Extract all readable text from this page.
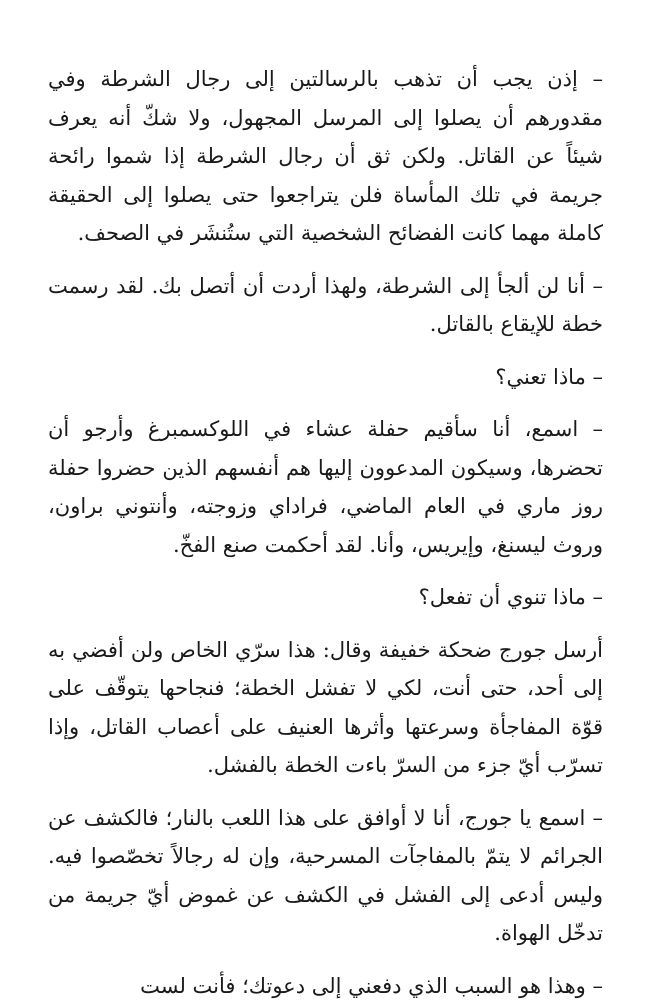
– إذن يجب أن تذهب بالرسالتين إلى رجال الشرطة وفي مقدورهم أن يصلوا إلى المرسل المجهول، ولا شكّ أنه يعرف شيئاً عن القاتل. ولكن ثق أن رجال الشرطة إذا شموا رائحة جريمة في تلك المأساة فلن يتراجعوا حتى يصلوا إلى الحقيقة كاملة مهما كانت الفضائح الشخصية التي ستُنشَر في الصحف.

– أنا لن ألجأ إلى الشرطة، ولهذا أردت أن أتصل بك. لقد رسمت خطة للإيقاع بالقاتل.

– ماذا تعني؟

– اسمع، أنا سأقيم حفلة عشاء في اللوكسمبرغ وأرجو أن تحضرها، وسيكون المدعوون إليها هم أنفسهم الذين حضروا حفلة روز ماري في العام الماضي، فراداي وزوجته، وأنتوني براون، وروث ليسنغ، وإيريس، وأنا. لقد أحكمت صنع الفخّ.

– ماذا تنوي أن تفعل؟

أرسل جورج ضحكة خفيفة وقال: هذا سرّي الخاص ولن أفضي به إلى أحد، حتى أنت، لكي لا تفشل الخطة؛ فنجاحها يتوقّف على قوّة المفاجأة وسرعتها وأثرها العنيف على أعصاب القاتل، وإذا تسرّب أيّ جزء من السرّ باءت الخطة بالفشل.

– اسمع يا جورج، أنا لا أوافق على هذا اللعب بالنار؛ فالكشف عن الجرائم لا يتمّ بالمفاجآت المسرحية، وإن له رجالاً تخصّصوا فيه. وليس أدعى إلى الفشل في الكشف عن غموض أيّ جريمة من تدخّل الهواة.

– وهذا هو السبب الذي دفعني إلى دعوتك؛ فأنت لست
